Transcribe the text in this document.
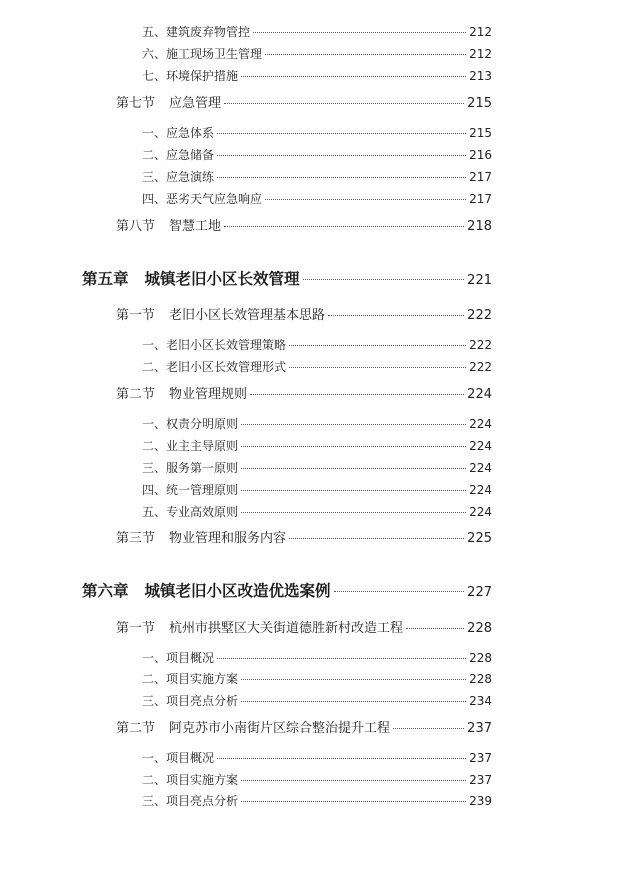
五、建筑废弃物管控	212
六、施工现场卫生管理	212
七、环境保护措施	213
第七节 应急管理	215
一、应急体系	215
二、应急储备	216
三、应急演练	217
四、恶劣天气应急响应	217
第八节 智慧工地	218
第五章 城镇老旧小区长效管理	221
第一节 老旧小区长效管理基本思路	222
一、老旧小区长效管理策略	222
二、老旧小区长效管理形式	222
第二节 物业管理规则	224
一、权责分明原则	224
二、业主主导原则	224
三、服务第一原则	224
四、统一管理原则	224
五、专业高效原则	224
第三节 物业管理和服务内容	225
第六章 城镇老旧小区改造优选案例	227
第一节 杭州市拱墅区大关街道德胜新村改造工程	228
一、项目概况	228
二、项目实施方案	228
三、项目亮点分析	234
第二节 阿克苏市小南街片区综合整治提升工程	237
一、项目概况	237
二、项目实施方案	237
三、项目亮点分析	239
